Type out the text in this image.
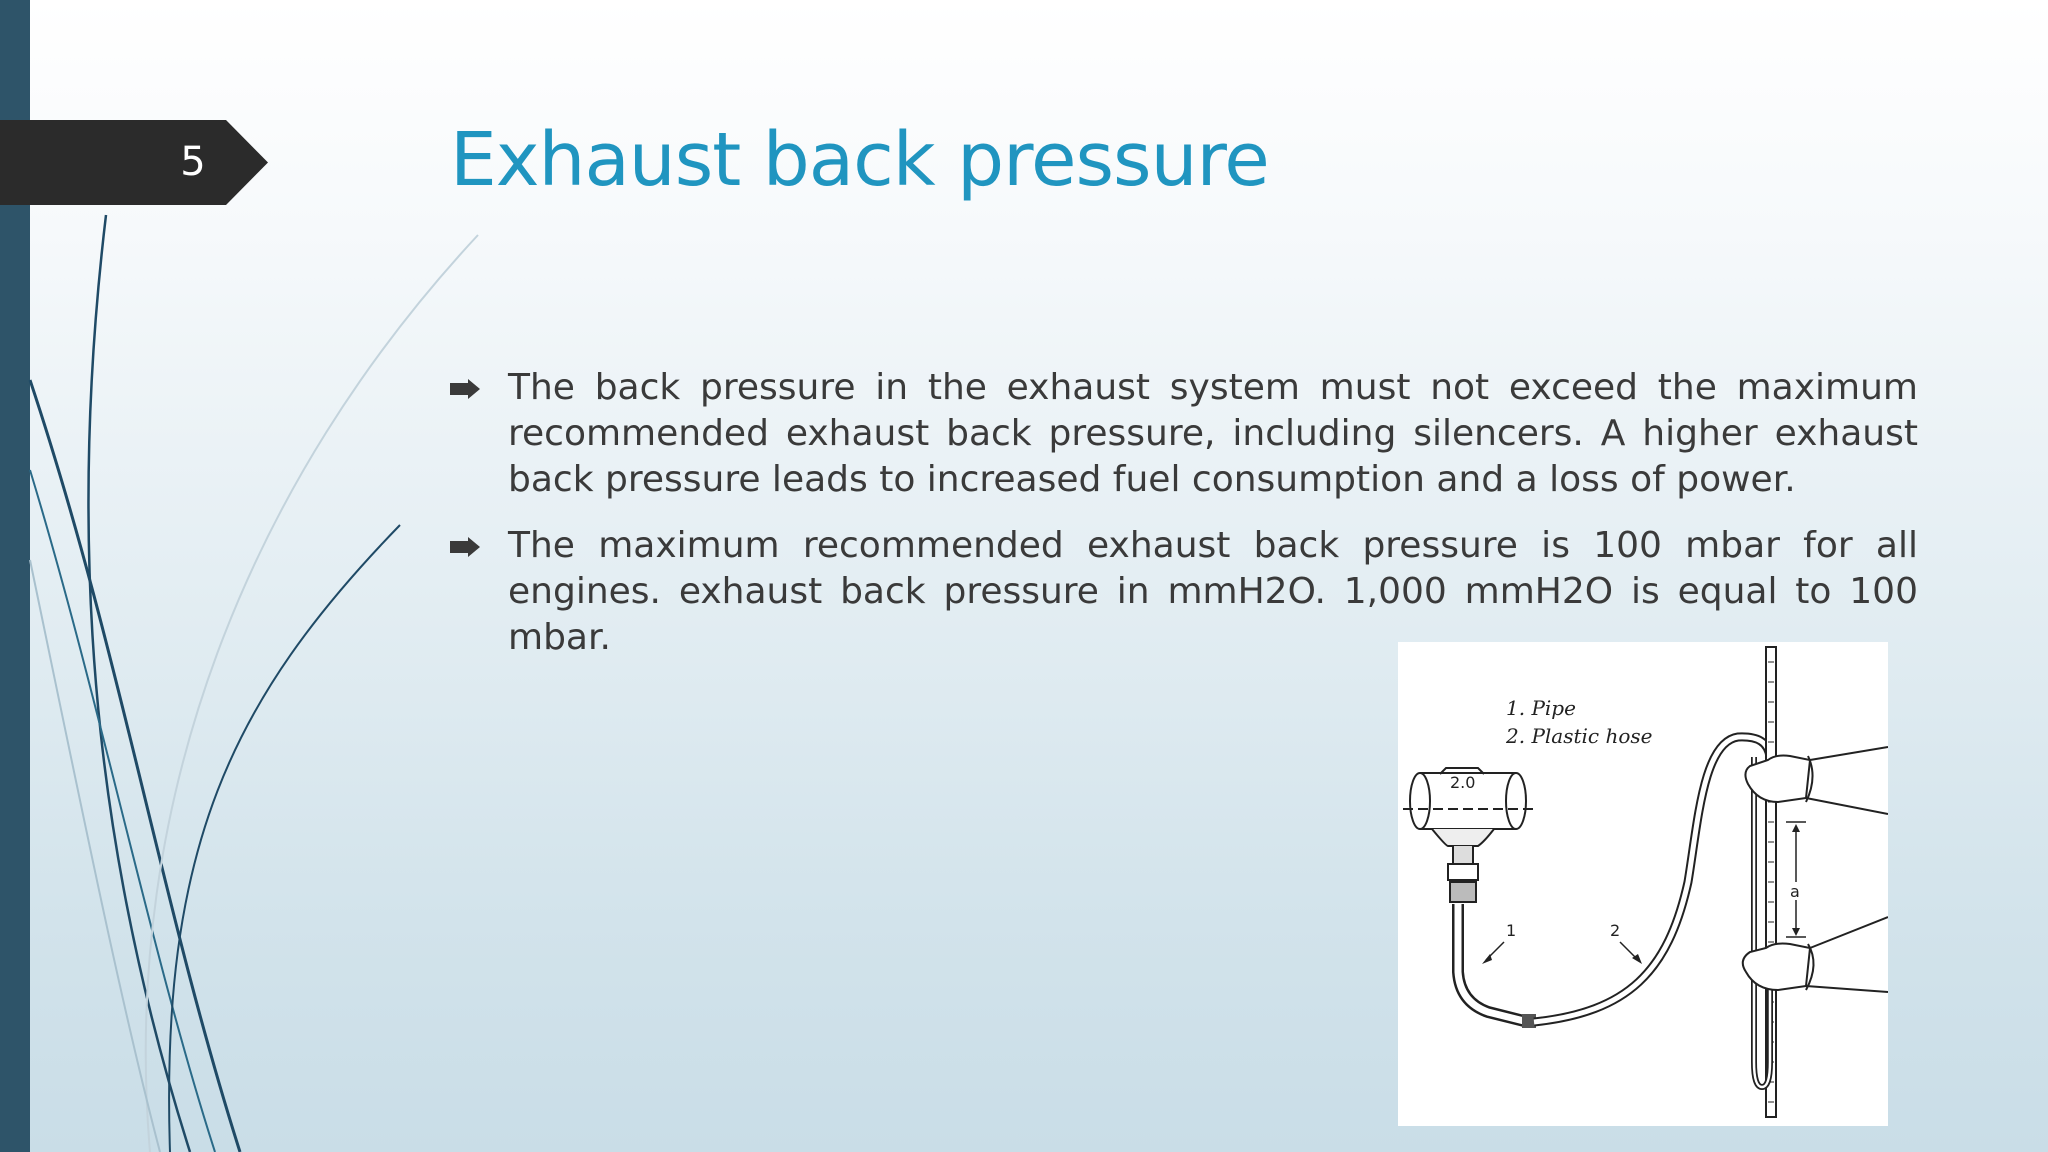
5	Exhaust back pressure
The back pressure in the exhaust system must not exceed the maximum recommended exhaust back pressure, including silencers. A higher exhaust back pressure leads to increased fuel consumption and a loss of power.
The maximum recommended exhaust back pressure is 100 mbar for all engines. exhaust back pressure in mmH2O. 1,000 mmH2O is equal to 100 mbar.
1. Pipe
2. Plastic hose
2.0
1	2
a
